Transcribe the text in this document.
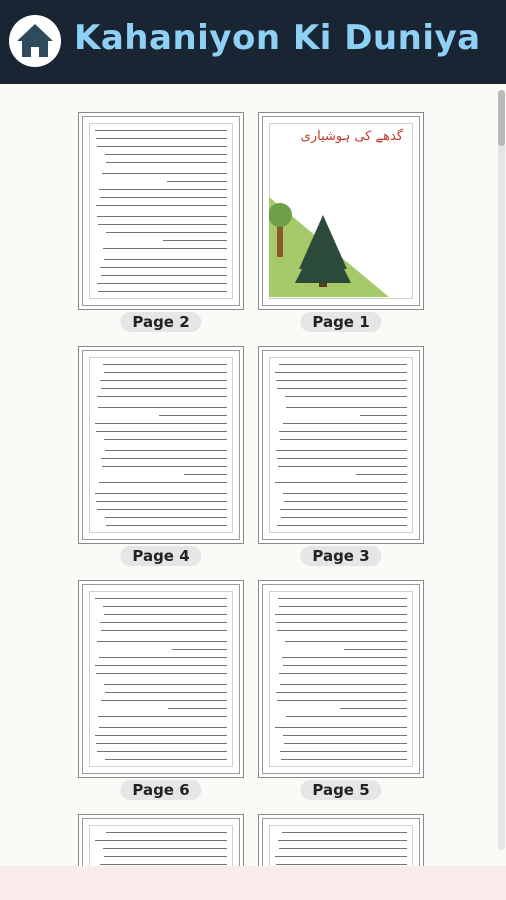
Kahaniyon Ki Duniya
Page 2
گدھے کی ہوشیاری
Page 1
Page 4	Page 3
Page 6	Page 5
